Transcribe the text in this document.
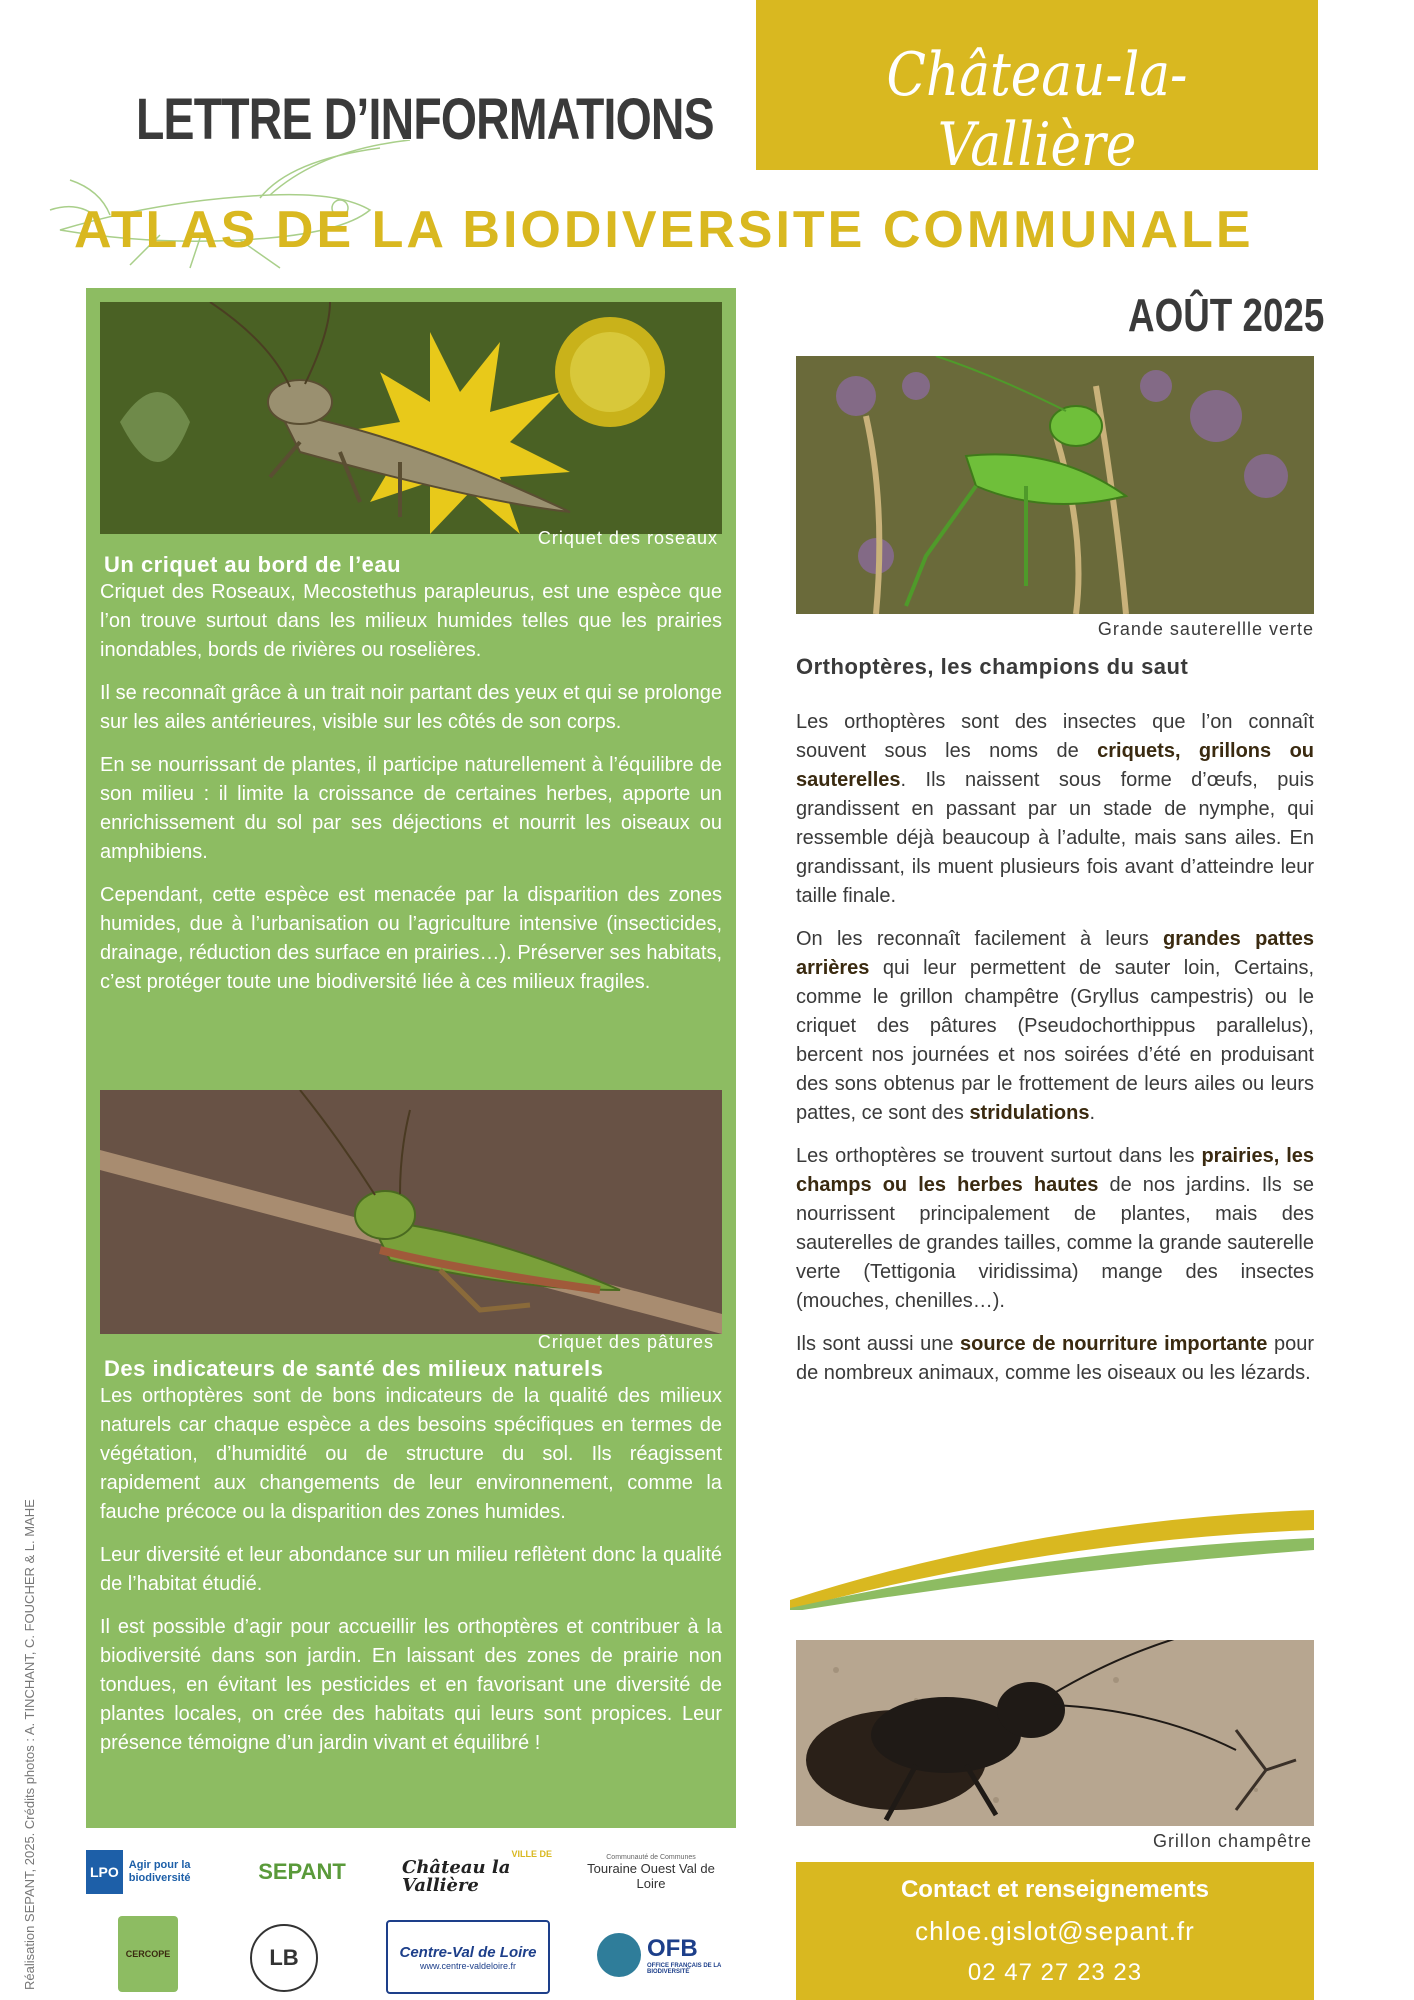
LETTRE D’INFORMATIONS
Château-la-Vallière
ATLAS DE LA BIODIVERSITE COMMUNALE
AOÛT 2025
Réalisation SEPANT, 2025. Crédits photos : A. TINCHANT, C. FOUCHER & L. MAHE
Criquet des roseaux
Un criquet au bord de l’eau

Criquet des Roseaux, Mecostethus parapleurus, est une espèce que l’on trouve surtout dans les milieux humides telles que les prairies inondables, bords de rivières ou roselières.

Il se reconnaît grâce à un trait noir partant des yeux et qui se prolonge sur les ailes antérieures, visible sur les côtés de son corps.

En se nourrissant de plantes, il participe naturellement à l’équilibre de son milieu : il limite la croissance de certaines herbes, apporte un enrichissement du sol par ses déjections et nourrit les oiseaux ou amphibiens.

Cependant, cette espèce est menacée par la disparition des zones humides, due à l’urbanisation ou l’agriculture intensive (insecticides, drainage, réduction des surface en prairies…). Préserver ses habitats, c’est protéger toute une biodiversité liée à ces milieux fragiles.

Criquet des pâtures
Des indicateurs de santé des milieux naturels

Les orthoptères sont de bons indicateurs de la qualité des milieux naturels car chaque espèce a des besoins spécifiques en termes de végétation, d’humidité ou de structure du sol. Ils réagissent rapidement aux changements de leur environnement, comme la fauche précoce ou la disparition des zones humides.

Leur diversité et leur abondance sur un milieu reflètent donc la qualité de l’habitat étudié.

Il est possible d’agir pour accueillir les orthoptères et contribuer à la biodiversité dans son jardin. En laissant des zones de prairie non tondues, en évitant les pesticides et en favorisant une diversité de plantes locales, on crée des habitats qui leurs sont propices. Leur présence témoigne d’un jardin vivant et équilibré !

Grande sauterellle verte
Orthoptères, les champions du saut

Les orthoptères sont des insectes que l’on connaît souvent sous les noms de criquets, grillons ou sauterelles. Ils naissent sous forme d’œufs, puis grandissent en passant par un stade de nymphe, qui ressemble déjà beaucoup à l’adulte, mais sans ailes. En grandissant, ils muent plusieurs fois avant d’atteindre leur taille finale.

On les reconnaît facilement à leurs grandes pattes arrières qui leur permettent de sauter loin, Certains, comme le grillon champêtre (Gryllus campestris) ou le criquet des pâtures (Pseudochorthippus parallelus), bercent nos journées et nos soirées d’été en produisant des sons obtenus par le frottement de leurs ailes ou leurs pattes, ce sont des stridulations.

Les orthoptères se trouvent surtout dans les prairies, les champs ou les herbes hautes de nos jardins. Ils se nourrissent principalement de plantes, mais des sauterelles de grandes tailles, comme la grande sauterelle verte (Tettigonia viridissima) mange des insectes (mouches, chenilles…).

Ils sont aussi une source de nourriture importante pour de nombreux animaux, comme les oiseaux ou les lézards.

Grillon champêtre
Contact et renseignements
chloe.gislot@sepant.fr
02 47 27 23 23
LPO Agir pour la biodiversité	SEPANT
VILLE DE
Château la Vallière
Communauté de Communes
Touraine Ouest Val de Loire
CERCOPE	LB	Centre-Val de Loire
www.centre-valdeloire.fr
OFB
OFFICE FRANÇAIS DE LA BIODIVERSITÉ
